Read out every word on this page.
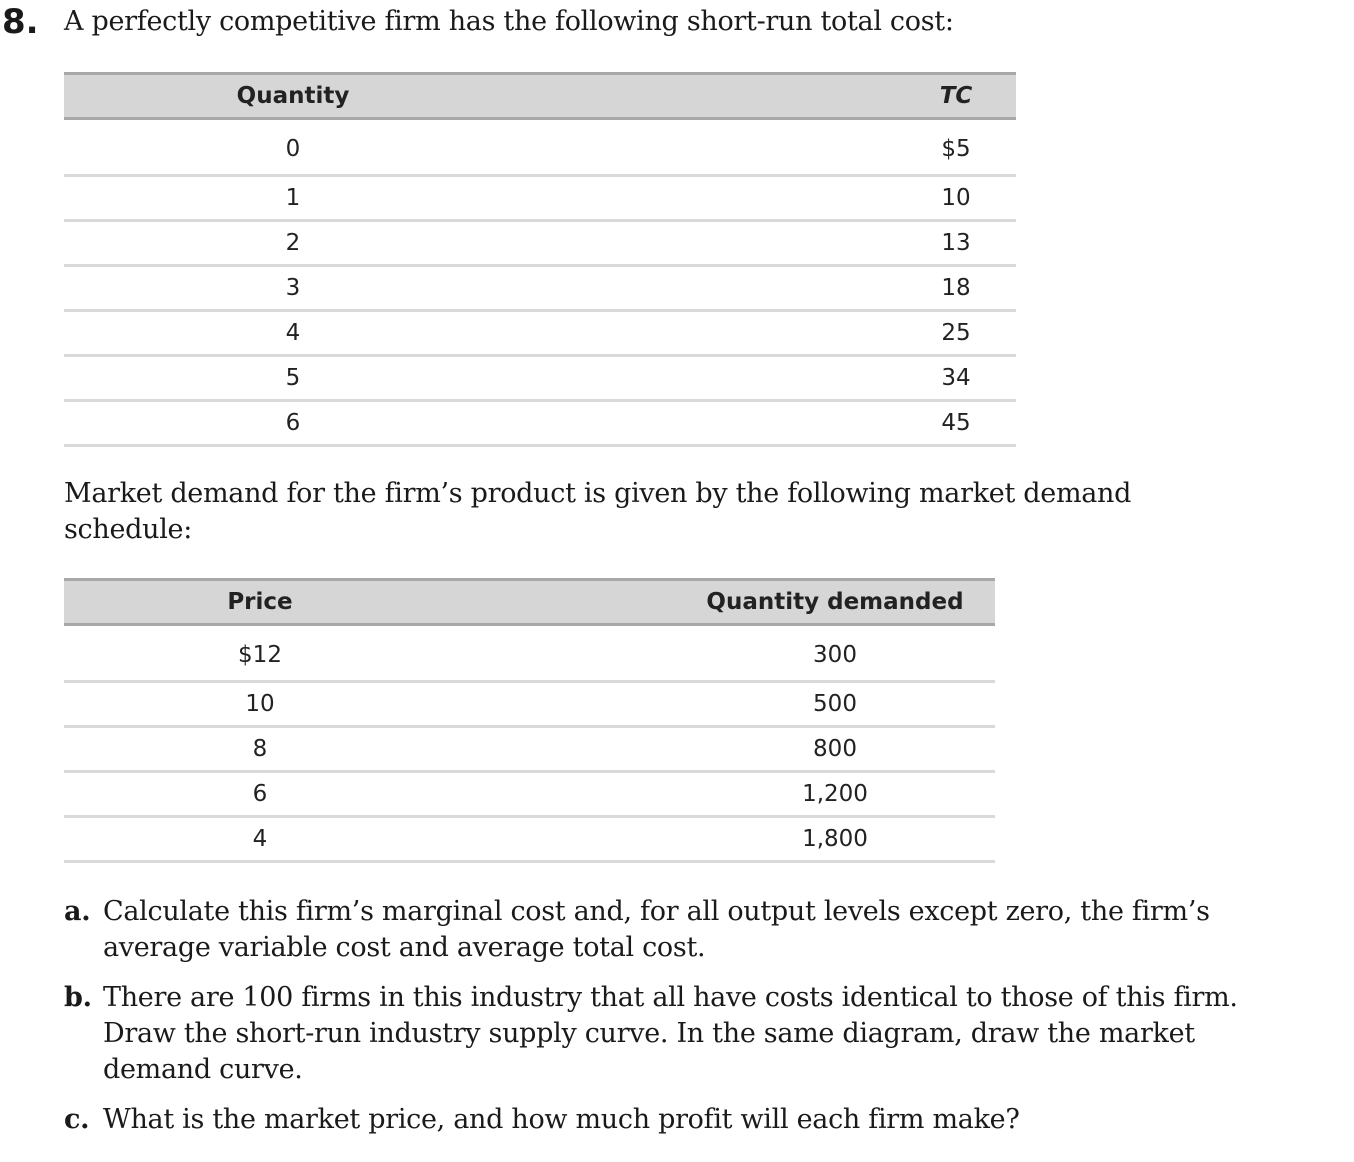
8. A perfectly competitive firm has the following short-run total cost:
Quantity	TC

0	$5

1	10

2	13

3	18

4	25

5	34

6	45
Market demand for the firm’s product is given by the following market demand schedule:
Price	Quantity demanded

$12	300

10	500

8	800

6	1,200

4	1,800
a. Calculate this firm’s marginal cost and, for all output levels except zero, the firm’s average variable cost and average total cost.
b. There are 100 firms in this industry that all have costs identical to those of this firm. Draw the short-run industry supply curve. In the same diagram, draw the market demand curve.
c. What is the market price, and how much profit will each firm make?
